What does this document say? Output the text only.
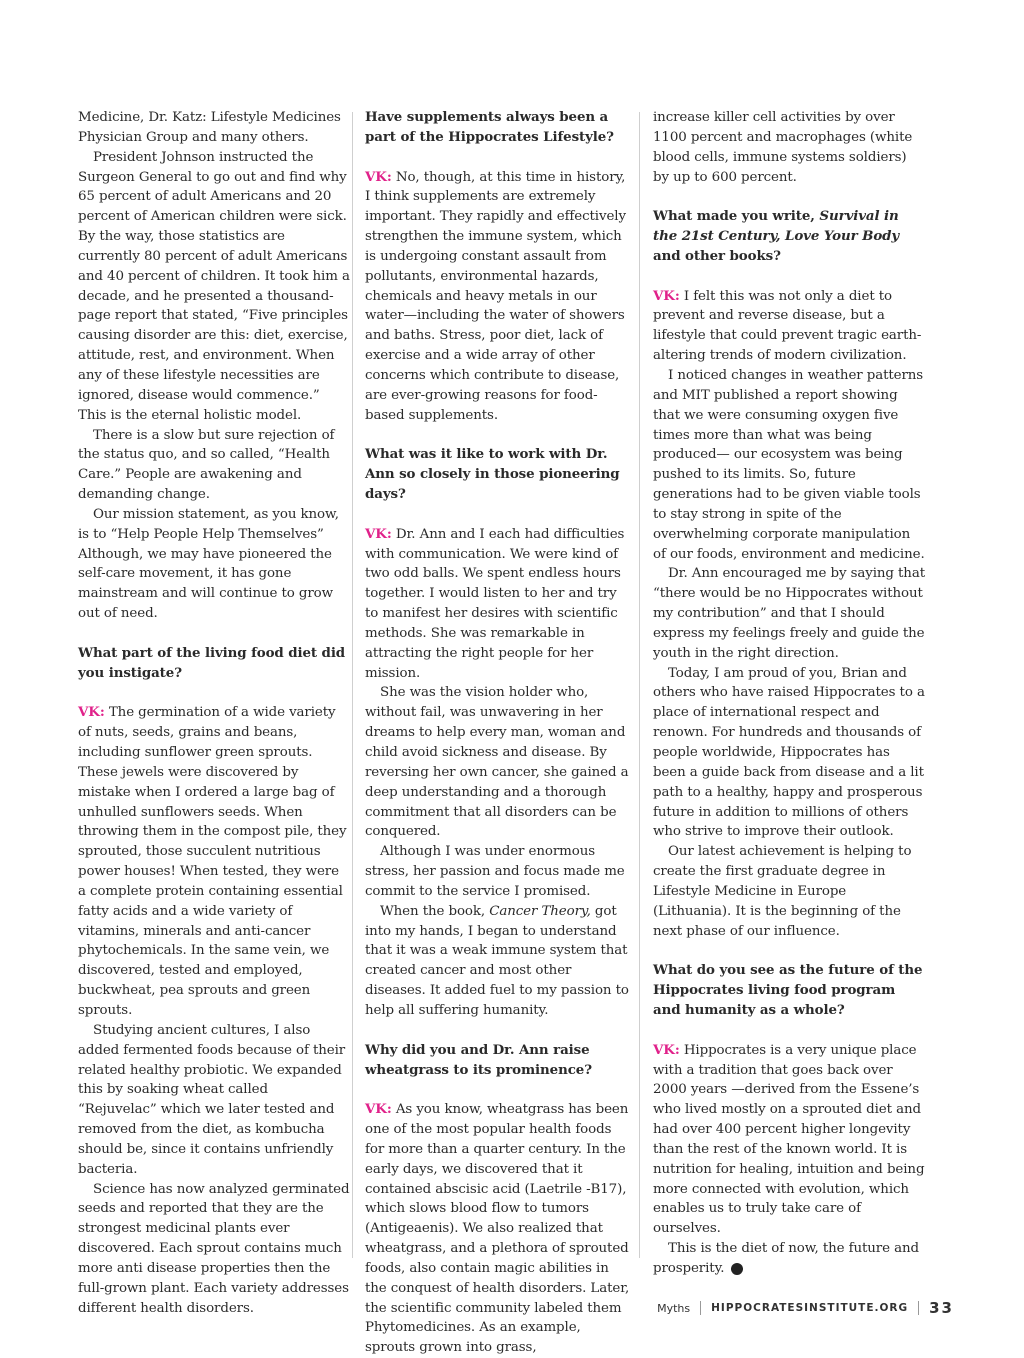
Medicine, Dr. Katz: Lifestyle Medicines Physician Group and many others.

President Johnson instructed the Surgeon General to go out and find why 65 percent of adult Americans and 20 percent of American children were sick. By the way, those statistics are currently 80 percent of adult Americans and 40 percent of children. It took him a decade, and he presented a thousand-page report that stated, “Five principles causing disorder are this: diet, exercise, attitude, rest, and environment. When any of these lifestyle necessities are ignored, disease would commence.” This is the eternal holistic model.

There is a slow but sure rejection of the status quo, and so called, “Health Care.” People are awakening and demanding change.

Our mission statement, as you know, is to “Help People Help Themselves” Although, we may have pioneered the self-care movement, it has gone mainstream and will continue to grow out of need.

What part of the living food diet did you instigate?

VK: The germination of a wide variety of nuts, seeds, grains and beans, including sunflower green sprouts. These jewels were discovered by mistake when I ordered a large bag of unhulled sunflowers seeds. When throwing them in the compost pile, they sprouted, those succulent nutritious power houses! When tested, they were a complete protein containing essential fatty acids and a wide variety of vitamins, minerals and anti-cancer phytochemicals. In the same vein, we discovered, tested and employed, buckwheat, pea sprouts and green sprouts.

Studying ancient cultures, I also added fermented foods because of their related healthy probiotic. We expanded this by soaking wheat called “Rejuvelac” which we later tested and removed from the diet, as kombucha should be, since it contains unfriendly bacteria.

Science has now analyzed germinated seeds and reported that they are the strongest medicinal plants ever discovered. Each sprout contains much more anti disease properties then the full-grown plant. Each variety addresses different health disorders.

Have supplements always been a part of the Hippocrates Lifestyle?

VK: No, though, at this time in history, I think supplements are extremely important. They rapidly and effectively strengthen the immune system, which is undergoing constant assault from pollutants, environmental hazards, chemicals and heavy metals in our water—including the water of showers and baths. Stress, poor diet, lack of exercise and a wide array of other concerns which contribute to disease, are ever-growing reasons for food-based supplements.

What was it like to work with Dr. Ann so closely in those pioneering days?

VK: Dr. Ann and I each had difficulties with communication. We were kind of two odd balls. We spent endless hours together. I would listen to her and try to manifest her desires with scientific methods. She was remarkable in attracting the right people for her mission.

She was the vision holder who, without fail, was unwavering in her dreams to help every man, woman and child avoid sickness and disease. By reversing her own cancer, she gained a deep understanding and a thorough commitment that all disorders can be conquered.

Although I was under enormous stress, her passion and focus made me commit to the service I promised.

When the book, Cancer Theory, got into my hands, I began to understand that it was a weak immune system that created cancer and most other diseases. It added fuel to my passion to help all suffering humanity.

Why did you and Dr. Ann raise wheatgrass to its prominence?

VK: As you know, wheatgrass has been one of the most popular health foods for more than a quarter century. In the early days, we discovered that it contained abscisic acid (Laetrile -B17), which slows blood flow to tumors (Antigeaenis). We also realized that wheatgrass, and a plethora of sprouted foods, also contain magic abilities in the conquest of health disorders. Later, the scientific community labeled them Phytomedicines. As an example, sprouts grown into grass,

increase killer cell activities by over 1100 percent and macrophages (white blood cells, immune systems soldiers) by up to 600 percent.

What made you write, Survival in the 21st Century, Love Your Body and other books?

VK: I felt this was not only a diet to prevent and reverse disease, but a lifestyle that could prevent tragic earth-altering trends of modern civilization.

I noticed changes in weather patterns and MIT published a report showing that we were consuming oxygen five times more than what was being produced— our ecosystem was being pushed to its limits. So, future generations had to be given viable tools to stay strong in spite of the overwhelming corporate manipulation of our foods, environment and medicine.

Dr. Ann encouraged me by saying that “there would be no Hippocrates without my contribution” and that I should express my feelings freely and guide the youth in the right direction.

Today, I am proud of you, Brian and others who have raised Hippocrates to a place of international respect and renown. For hundreds and thousands of people worldwide, Hippocrates has been a guide back from disease and a lit path to a healthy, happy and prosperous future in addition to millions of others who strive to improve their outlook.

Our latest achievement is helping to create the first graduate degree in Lifestyle Medicine in Europe (Lithuania). It is the beginning of the next phase of our influence.

What do you see as the future of the Hippocrates living food program and humanity as a whole?

VK: Hippocrates is a very unique place with a tradition that goes back over 2000 years —derived from the Essene’s who lived mostly on a sprouted diet and had over 400 percent higher longevity than the rest of the known world. It is nutrition for healing, intuition and being more connected with evolution, which enables us to truly take care of ourselves.

This is the diet of now, the future and prosperity.	H

Myths HIPPOCRATESINSTITUTE.ORG 33
